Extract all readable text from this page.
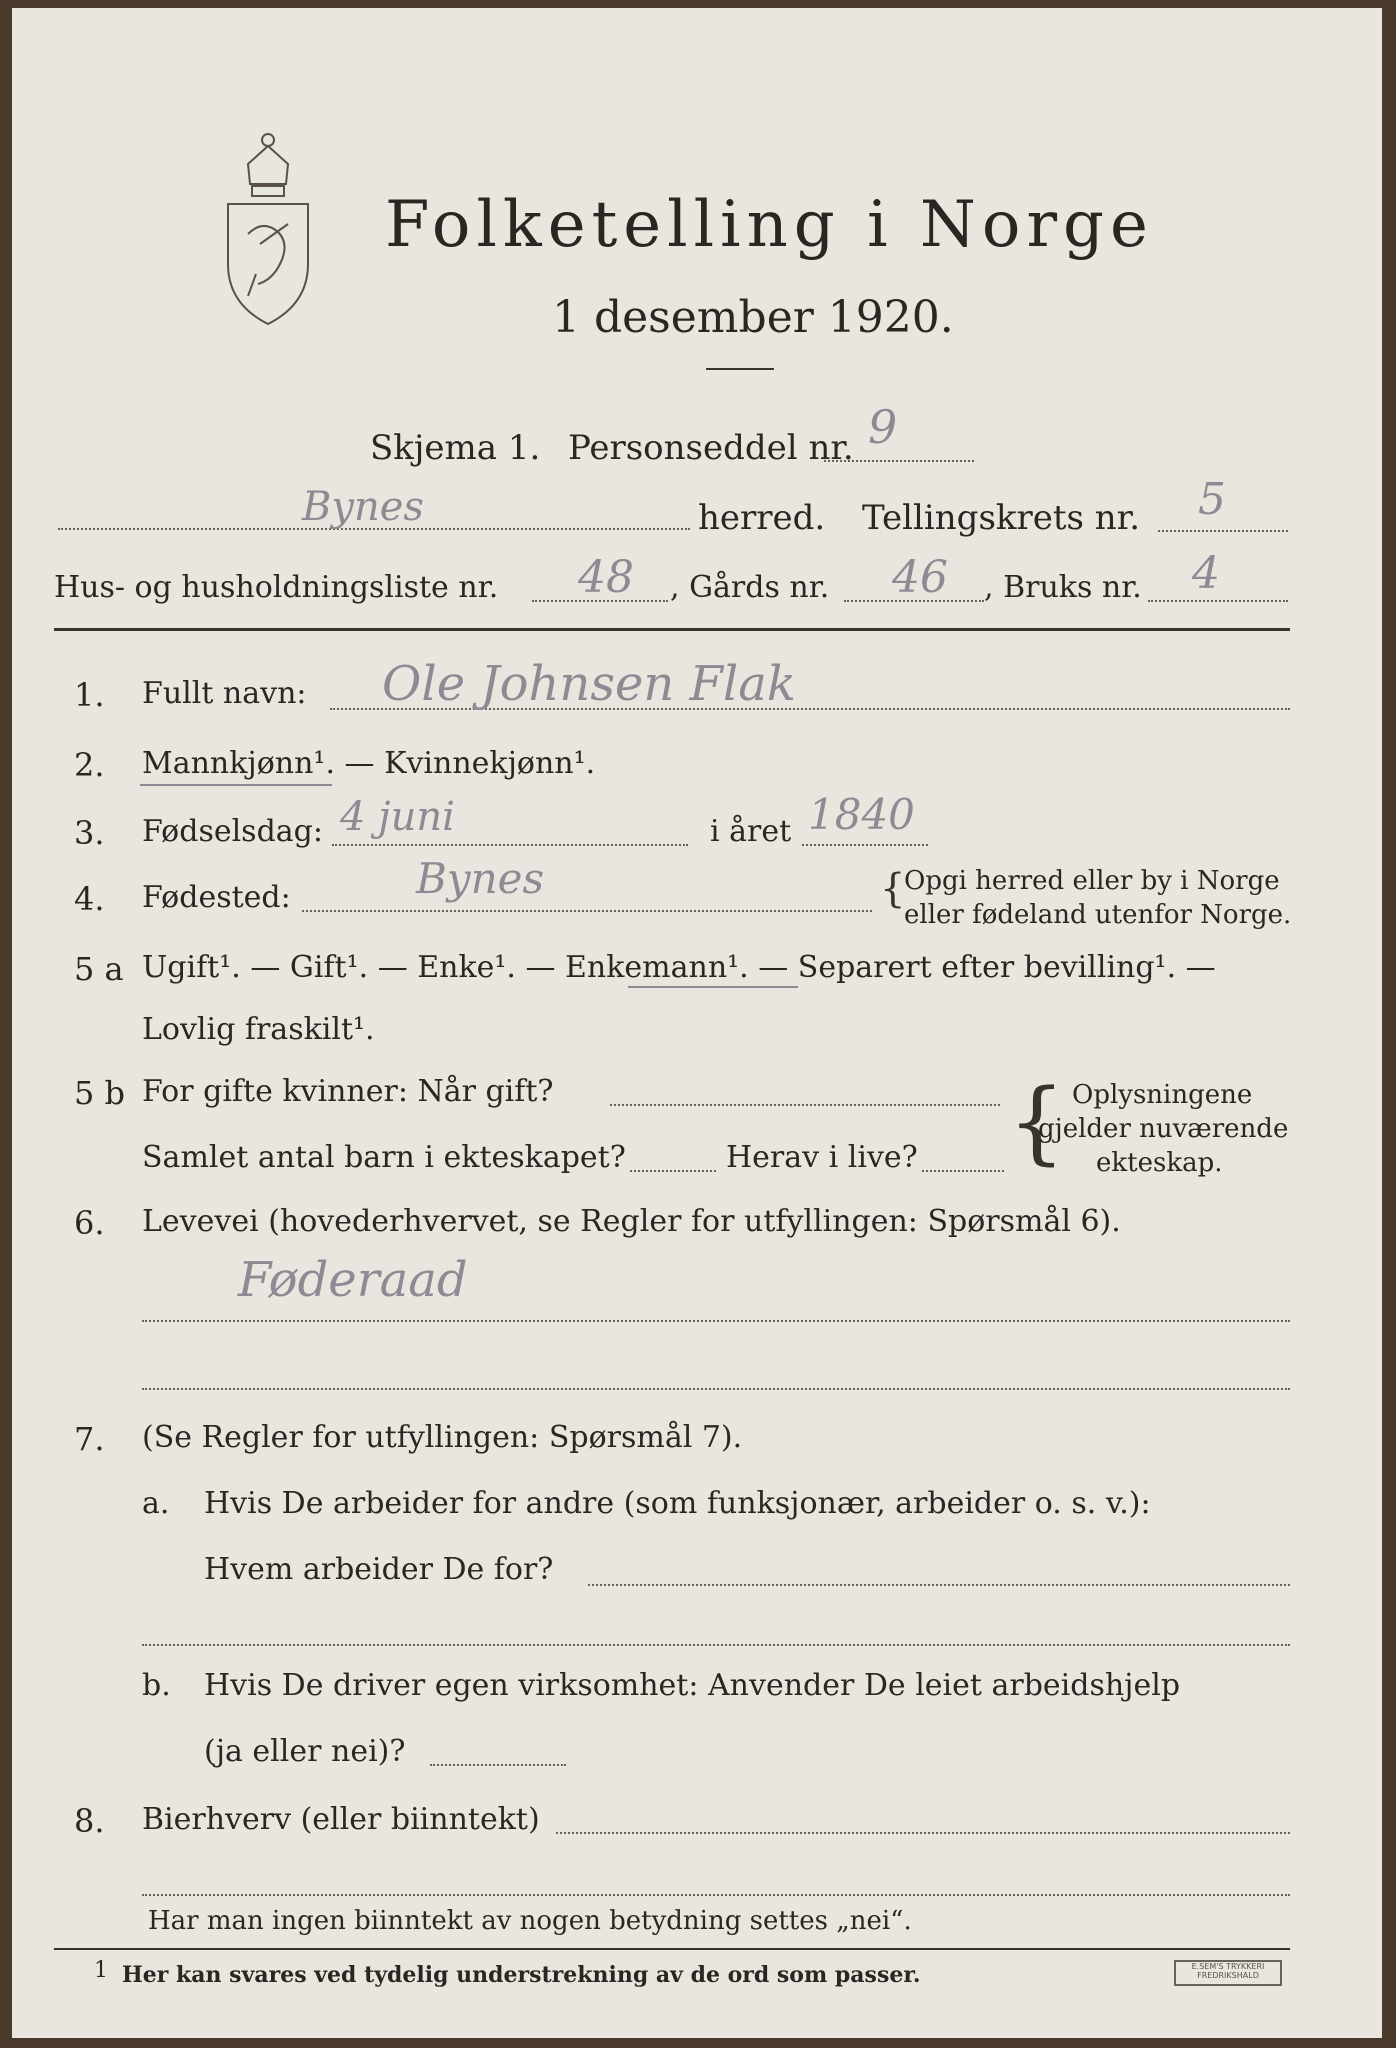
Folketelling i Norge
1 desember 1920.
Skjema 1. Personseddel nr. 9
Bynes	herred. Tellingskrets nr. 5
Hus- og husholdningsliste nr. 48 , Gårds nr. 46 , Bruks nr. 4
1. Fullt navn: Ole Johnsen Flak
2. Mannkjønn¹. — Kvinnekjønn¹.
3. Fødselsdag: 4 juni	i året 1840
4. Fødested:	Bynes	{
Opgi herred eller by i Norge
eller fødeland utenfor Norge.
5 a Ugift¹. — Gift¹. — Enke¹. — Enkemann¹. — Separert efter bevilling¹. —
Lovlig fraskilt¹.
5 b For gifte kvinner: Når gift?
Samlet antal barn i ekteskapet?	Herav i live? { Oplysningene
gjelder nuværende
ekteskap.
6. Levevei (hovederhvervet, se Regler for utfyllingen: Spørsmål 6).
Føderaad
7. (Se Regler for utfyllingen: Spørsmål 7).
a. Hvis De arbeider for andre (som funksjonær, arbeider o. s. v.):
Hvem arbeider De for?
b. Hvis De driver egen virksomhet: Anvender De leiet arbeidshjelp
(ja eller nei)?
8. Bierhverv (eller biinntekt)
Har man ingen biinntekt av nogen betydning settes „nei“.
1 Her kan svares ved tydelig understrekning av de ord som passer.	E.SEM'S TRYKKERI FREDRIKSHALD
